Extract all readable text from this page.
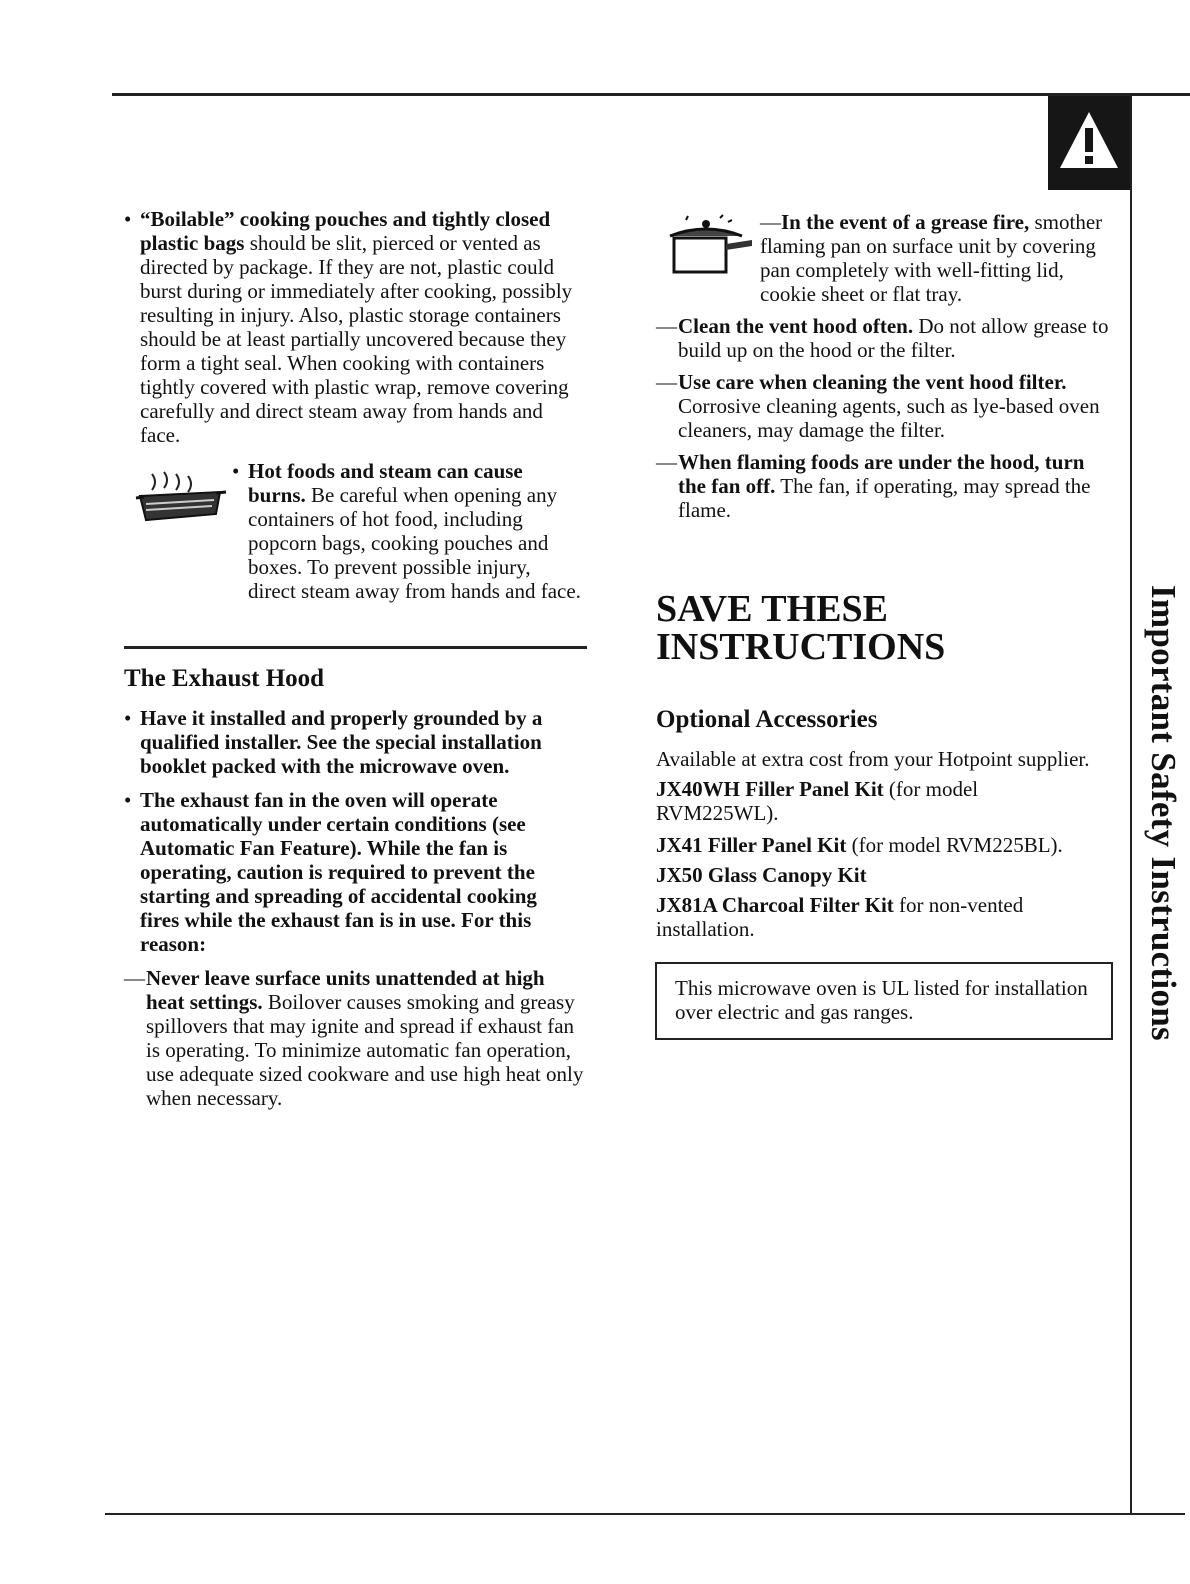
Important Safety Instructions

• “Boilable” cooking pouches and tightly closed plastic bags should be slit, pierced or vented as directed by package. If they are not, plastic could burst during or immediately after cooking, possibly resulting in injury. Also, plastic storage containers should be at least partially uncovered because they form a tight seal. When cooking with containers tightly covered with plastic wrap, remove covering carefully and direct steam away from hands and face.

• Hot foods and steam can cause burns. Be careful when opening any containers of hot food, including popcorn bags, cooking pouches and boxes. To prevent possible injury, direct steam away from hands and face.

The Exhaust Hood

• Have it installed and properly grounded by a qualified installer. See the special installation booklet packed with the microwave oven.

• The exhaust fan in the oven will operate automatically under certain conditions (see Automatic Fan Feature). While the fan is operating, caution is required to prevent the starting and spreading of accidental cooking fires while the exhaust fan is in use. For this reason:

— Never leave surface units unattended at high heat settings. Boilover causes smoking and greasy spillovers that may ignite and spread if exhaust fan is operating. To minimize automatic fan operation, use adequate sized cookware and use high heat only when necessary.

—In the event of a grease fire, smother flaming pan on surface unit by covering pan completely with well-fitting lid, cookie sheet or flat tray.

— Clean the vent hood often. Do not allow grease to build up on the hood or the filter.

— Use care when cleaning the vent hood filter. Corrosive cleaning agents, such as lye-based oven cleaners, may damage the filter.

— When flaming foods are under the hood, turn the fan off. The fan, if operating, may spread the flame.

SAVE THESE

INSTRUCTIONS

Optional Accessories

Available at extra cost from your Hotpoint supplier.

JX40WH Filler Panel Kit (for model RVM225WL).

JX41 Filler Panel Kit (for model RVM225BL).

JX50 Glass Canopy Kit

JX81A Charcoal Filter Kit for non-vented installation.

This microwave oven is UL listed for installation over electric and gas ranges.
